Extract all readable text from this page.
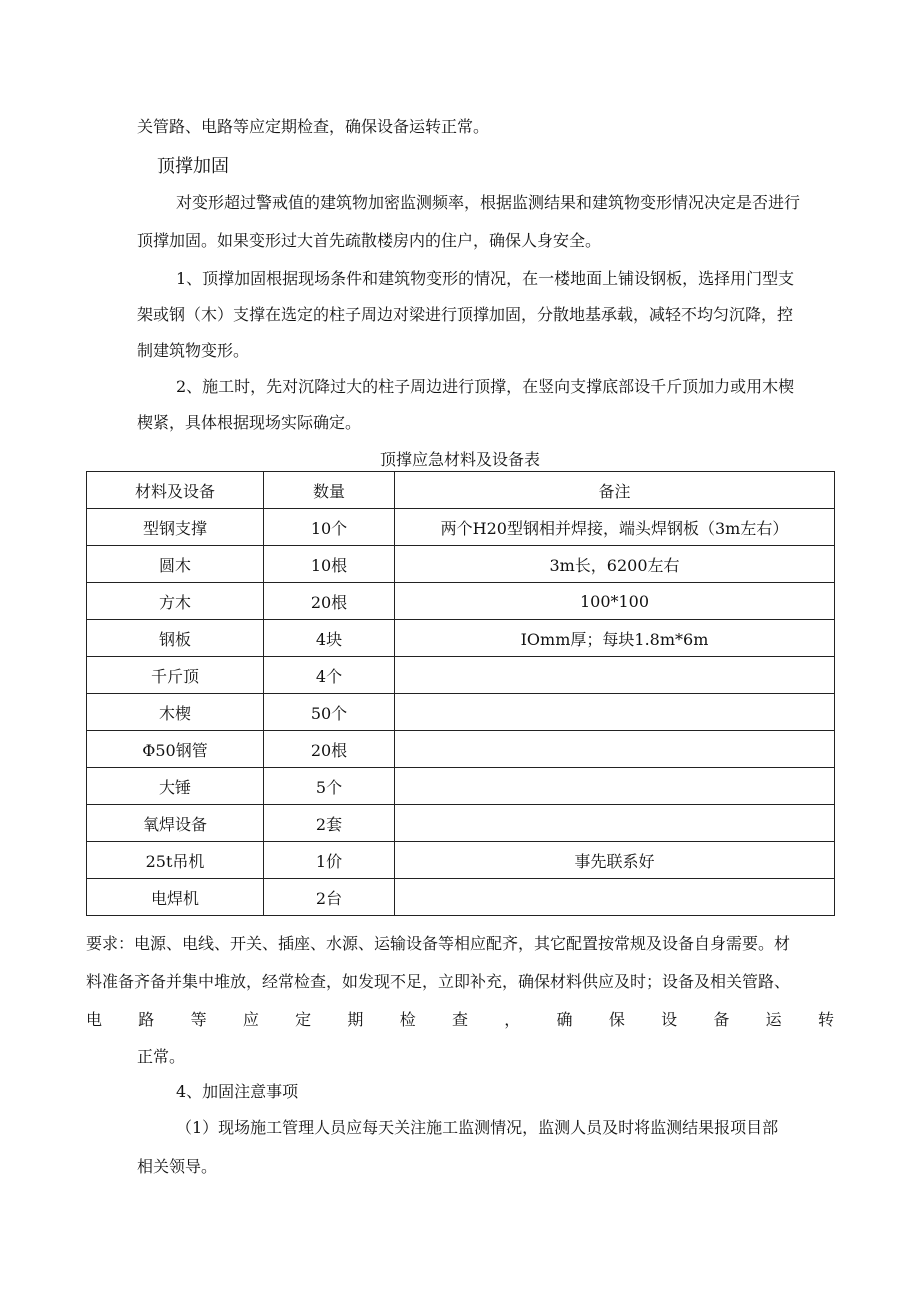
关管路、电路等应定期检查，确保设备运转正常。

顶撑加固

对变形超过警戒值的建筑物加密监测频率，根据监测结果和建筑物变形情况决定是否进行

顶撑加固。如果变形过大首先疏散楼房内的住户，确保人身安全。

1、顶撑加固根据现场条件和建筑物变形的情况，在一楼地面上铺设钢板，选择用门型支

架或钢（木）支撑在选定的柱子周边对梁进行顶撑加固，分散地基承载，减轻不均匀沉降，控

制建筑物变形。

2、施工时，先对沉降过大的柱子周边进行顶撑，在竖向支撑底部设千斤顶加力或用木楔

楔紧，具体根据现场实际确定。

顶撑应急材料及设备表
材料及设备	数量	备注
型钢支撑	10个	两个H20型钢相并焊接，端头焊钢板（3m左右）
圆木	10根	3m长，6200左右
方木	20根	100*100
钢板	4块	IOmm厚；每块1.8m*6m
千斤顶	4个	
木楔	50个	
Φ50钢管	20根	
大锤	5个	
氧焊设备	2套	
25t吊机	1价	事先联系好
电焊机	2台	

要求：电源、电线、开关、插座、水源、运输设备等相应配齐，其它配置按常规及设备自身需要。材

料准备齐备并集中堆放，经常检查，如发现不足，立即补充，确保材料供应及时；设备及相关管路、

电 路 等 应 定 期 检 查 ， 确 保 设 备 运 转

正常。

4、加固注意事项

（1）现场施工管理人员应每天关注施工监测情况，监测人员及时将监测结果报项目部

相关领导。
